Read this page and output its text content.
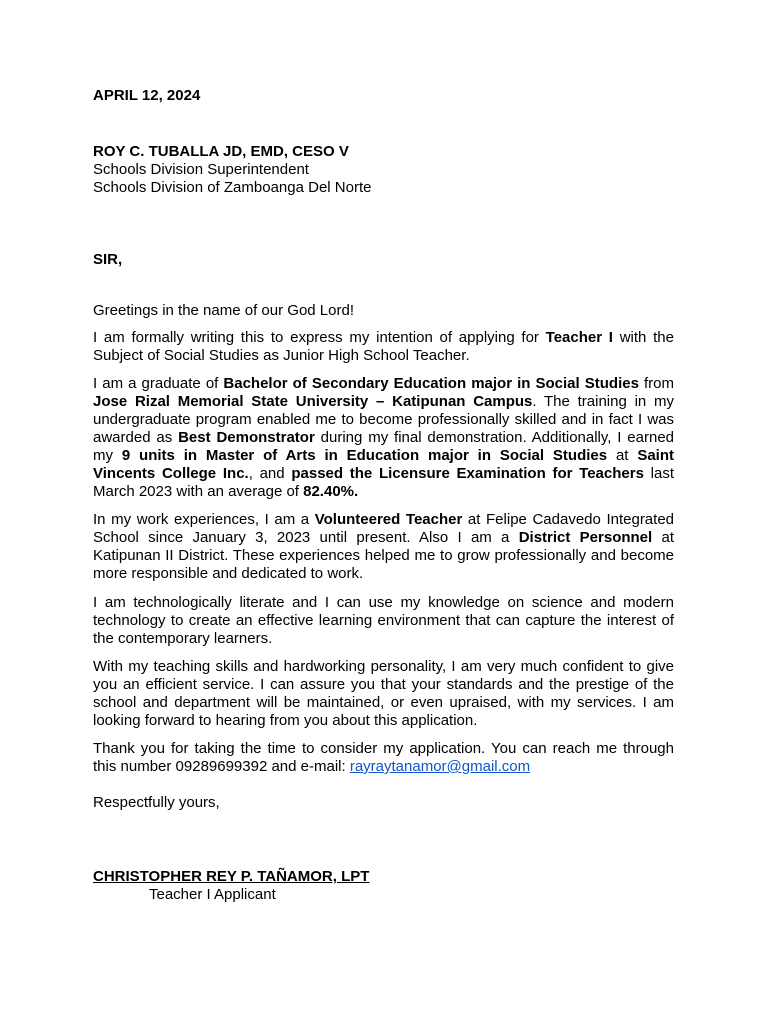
APRIL 12, 2024

ROY C. TUBALLA JD, EMD, CESO V

Schools Division Superintendent

Schools Division of Zamboanga Del Norte

SIR,

Greetings in the name of our God Lord!

I am formally writing this to express my intention of applying for Teacher I with the Subject of Social Studies as Junior High School Teacher.

I am a graduate of Bachelor of Secondary Education major in Social Studies from Jose Rizal Memorial State University – Katipunan Campus. The training in my undergraduate program enabled me to become professionally skilled and in fact I was awarded as Best Demonstrator during my final demonstration. Additionally, I earned my 9 units in Master of Arts in Education major in Social Studies at Saint Vincents College Inc., and passed the Licensure Examination for Teachers last March 2023 with an average of 82.40%.

In my work experiences, I am a Volunteered Teacher at Felipe Cadavedo Integrated School since January 3, 2023 until present. Also I am a District Personnel at Katipunan II District. These experiences helped me to grow professionally and become more responsible and dedicated to work.

I am technologically literate and I can use my knowledge on science and modern technology to create an effective learning environment that can capture the interest of the contemporary learners.

With my teaching skills and hardworking personality, I am very much confident to give you an efficient service. I can assure you that your standards and the prestige of the school and department will be maintained, or even upraised, with my services. I am looking forward to hearing from you about this application.

Thank you for taking the time to consider my application. You can reach me through this number 09289699392 and e-mail: rayraytanamor@gmail.com

Respectfully yours,

CHRISTOPHER REY P. TAÑAMOR, LPT

Teacher I Applicant
